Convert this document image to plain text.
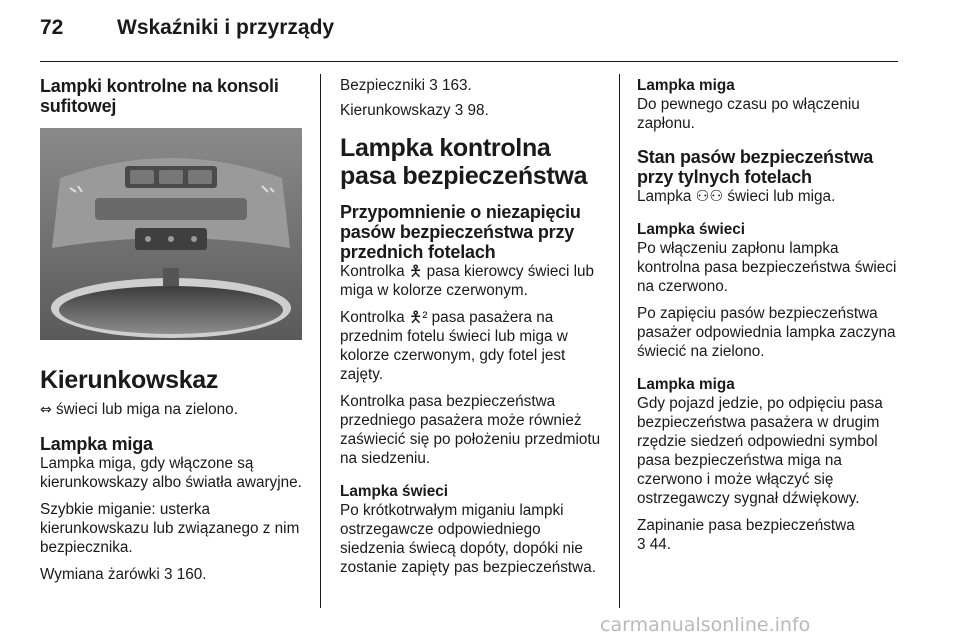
72	Wskaźniki i przyrządy
Lampki kontrolne na konsoli sufitowej
Kierunkowskaz

⇔ świeci lub miga na zielono.

Lampka miga

Lampka miga, gdy włączone są kierunkowskazy albo światła awaryjne.

Szybkie miganie: usterka kierunkowskazu lub związanego z nim bezpiecznika.

Wymiana żarówki 3 160.

Bezpieczniki 3 163.

Kierunkowskazy 3 98.

Lampka kontrolna pasa bezpieczeństwa
Przypomnienie o niezapięciu pasów bezpieczeństwa przy przednich fotelach

Kontrolka 🯅 pasa kierowcy świeci lub miga w kolorze czerwonym.

Kontrolka 🯅² pasa pasażera na przednim fotelu świeci lub miga w kolorze czerwonym, gdy fotel jest zajęty.

Kontrolka pasa bezpieczeństwa przedniego pasażera może również zaświecić się po położeniu przedmiotu na siedzeniu.

Lampka świeci

Po krótkotrwałym miganiu lampki ostrzegawcze odpowiedniego siedzenia świecą dopóty, dopóki nie zostanie zapięty pas bezpieczeństwa.

Lampka miga

Do pewnego czasu po włączeniu zapłonu.

Stan pasów bezpieczeństwa przy tylnych fotelach

Lampka ⚇⚇ świeci lub miga.

Lampka świeci

Po włączeniu zapłonu lampka kontrolna pasa bezpieczeństwa świeci na czerwono.

Po zapięciu pasów bezpieczeństwa pasażer odpowiednia lampka zaczyna świecić na zielono.

Lampka miga

Gdy pojazd jedzie, po odpięciu pasa bezpieczeństwa pasażera w drugim rzędzie siedzeń odpowiedni symbol pasa bezpieczeństwa miga na czerwono i może włączyć się ostrzegawczy sygnał dźwiękowy.

Zapinanie pasa bezpieczeństwa
3 44.

carmanualsonline.info
